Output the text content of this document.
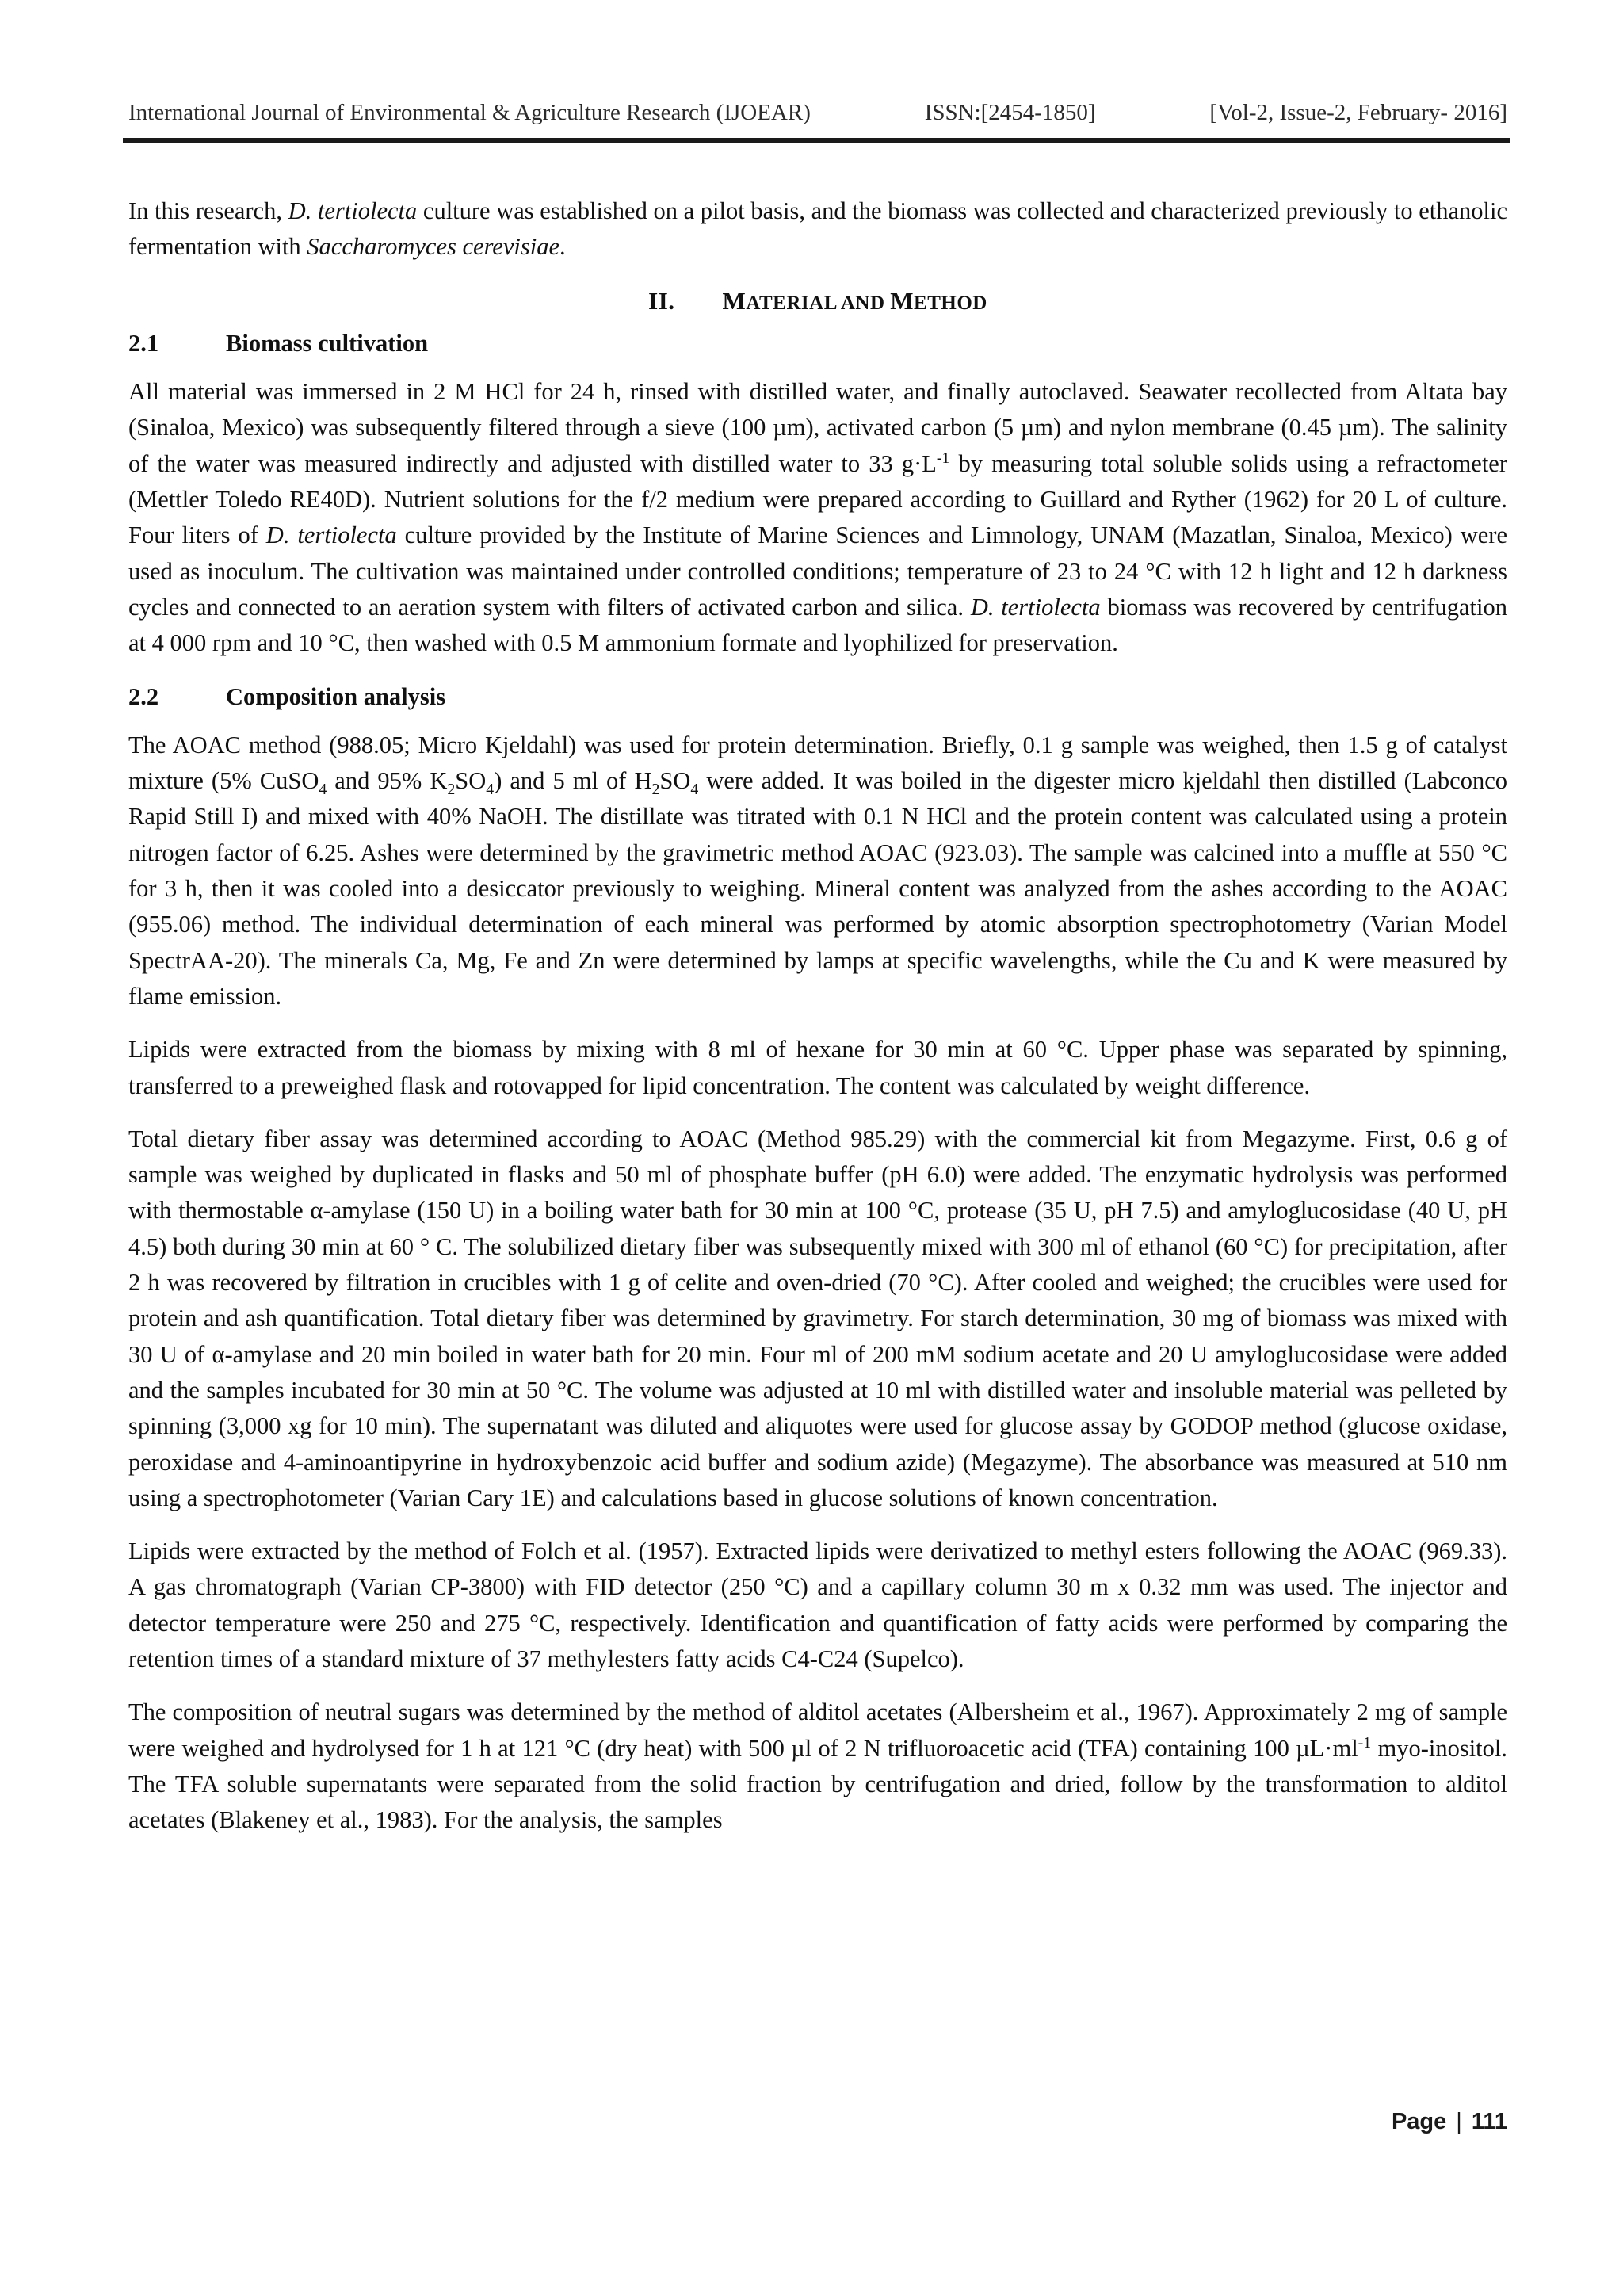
International Journal of Environmental & Agriculture Research (IJOEAR)	ISSN:[2454-1850]	[Vol-2, Issue-2, February- 2016]

In this research, D. tertiolecta culture was established on a pilot basis, and the biomass was collected and characterized previously to ethanolic fermentation with Saccharomyces cerevisiae.

II. MATERIAL AND METHOD
2.1	Biomass cultivation

All material was immersed in 2 M HCl for 24 h, rinsed with distilled water, and finally autoclaved. Seawater recollected from Altata bay (Sinaloa, Mexico) was subsequently filtered through a sieve (100 µm), activated carbon (5 µm) and nylon membrane (0.45 µm). The salinity of the water was measured indirectly and adjusted with distilled water to 33 $g\cdot L^{-1}$ by measuring total soluble solids using a refractometer (Mettler Toledo RE40D). Nutrient solutions for the f/2 medium were prepared according to Guillard and Ryther (1962) for 20 L of culture. Four liters of D. tertiolecta culture provided by the Institute of Marine Sciences and Limnology, UNAM (Mazatlan, Sinaloa, Mexico) were used as inoculum. The cultivation was maintained under controlled conditions; temperature of 23 to 24 °C with 12 h light and 12 h darkness cycles and connected to an aeration system with filters of activated carbon and silica. D. tertiolecta biomass was recovered by centrifugation at 4 000 rpm and 10 °C, then washed with 0.5 M ammonium formate and lyophilized for preservation.

2.2	Composition analysis

The AOAC method (988.05; Micro Kjeldahl) was used for protein determination. Briefly, 0.1 g sample was weighed, then 1.5 g of catalyst mixture (5% CuSO$_4$ and 95% $K_2SO_4$) and 5 ml of $H_2SO_4$ were added. It was boiled in the digester micro kjeldahl then distilled (Labconco Rapid Still I) and mixed with 40% NaOH. The distillate was titrated with 0.1 N HCl and the protein content was calculated using a protein nitrogen factor of 6.25. Ashes were determined by the gravimetric method AOAC (923.03). The sample was calcined into a muffle at 550 °C for 3 h, then it was cooled into a desiccator previously to weighing. Mineral content was analyzed from the ashes according to the AOAC (955.06) method. The individual determination of each mineral was performed by atomic absorption spectrophotometry (Varian Model SpectrAA-20). The minerals Ca, Mg, Fe and Zn were determined by lamps at specific wavelengths, while the Cu and K were measured by flame emission.

Lipids were extracted from the biomass by mixing with 8 ml of hexane for 30 min at 60 °C. Upper phase was separated by spinning, transferred to a preweighed flask and rotovapped for lipid concentration. The content was calculated by weight difference.

Total dietary fiber assay was determined according to AOAC (Method 985.29) with the commercial kit from Megazyme. First, 0.6 g of sample was weighed by duplicated in flasks and 50 ml of phosphate buffer (pH 6.0) were added. The enzymatic hydrolysis was performed with thermostable α-amylase (150 U) in a boiling water bath for 30 min at 100 °C, protease (35 U, pH 7.5) and amyloglucosidase (40 U, pH 4.5) both during 30 min at 60 ° C. The solubilized dietary fiber was subsequently mixed with 300 ml of ethanol (60 °C) for precipitation, after 2 h was recovered by filtration in crucibles with 1 g of celite and oven-dried (70 °C). After cooled and weighed; the crucibles were used for protein and ash quantification. Total dietary fiber was determined by gravimetry. For starch determination, 30 mg of biomass was mixed with 30 U of α-amylase and 20 min boiled in water bath for 20 min. Four ml of 200 mM sodium acetate and 20 U amyloglucosidase were added and the samples incubated for 30 min at 50 °C. The volume was adjusted at 10 ml with distilled water and insoluble material was pelleted by spinning (3,000 xg for 10 min). The supernatant was diluted and aliquotes were used for glucose assay by GODOP method (glucose oxidase, peroxidase and 4-aminoantipyrine in hydroxybenzoic acid buffer and sodium azide) (Megazyme). The absorbance was measured at 510 nm using a spectrophotometer (Varian Cary 1E) and calculations based in glucose solutions of known concentration.

Lipids were extracted by the method of Folch et al. (1957). Extracted lipids were derivatized to methyl esters following the AOAC (969.33). A gas chromatograph (Varian CP-3800) with FID detector (250 °C) and a capillary column 30 m x 0.32 mm was used. The injector and detector temperature were 250 and 275 °C, respectively. Identification and quantification of fatty acids were performed by comparing the retention times of a standard mixture of 37 methylesters fatty acids C4-C24 (Supelco).

The composition of neutral sugars was determined by the method of alditol acetates (Albersheim et al., 1967). Approximately 2 mg of sample were weighed and hydrolysed for 1 h at 121 °C (dry heat) with 500 µl of 2 N trifluoroacetic acid (TFA) containing 100 $\mu L\cdot ml^{-1}$ myo-inositol. The TFA soluble supernatants were separated from the solid fraction by centrifugation and dried, follow by the transformation to alditol acetates (Blakeney et al., 1983). For the analysis, the samples

Page | 111
